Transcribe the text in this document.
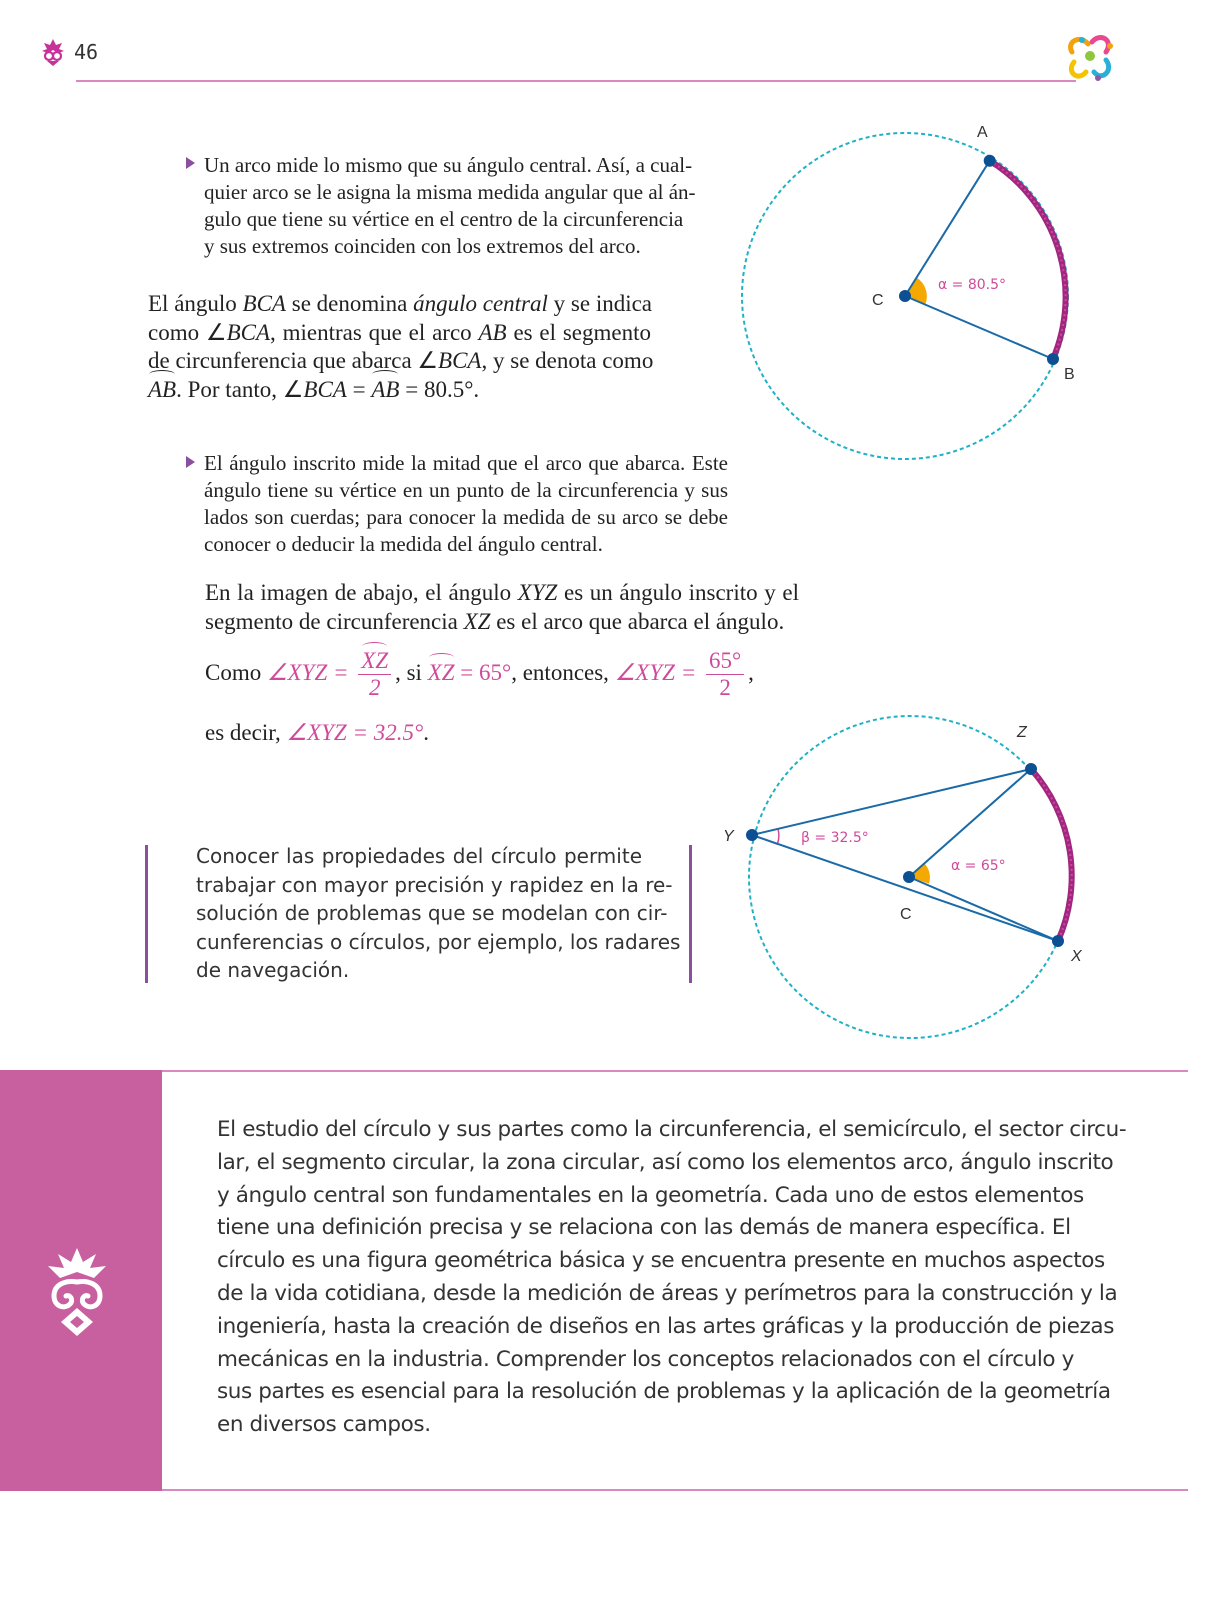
46
Un arco mide lo mismo que su ángulo central. Así, a cual-
quier arco se le asigna la misma medida angular que al án-
gulo que tiene su vértice en el centro de la circunferencia
y sus extremos coinciden con los extremos del arco.
El ángulo BCA se denomina ángulo central y se indica
como ∠BCA, mientras que el arco AB es el segmento
de circunferencia que abarca ∠BCA, y se denota como
AB. Por tanto, ∠BCA = AB = 80.5°.
A
B
C
α = 80.5°
El ángulo inscrito mide la mitad que el arco que abarca. Este
ángulo tiene su vértice en un punto de la circunferencia y sus
lados son cuerdas; para conocer la medida de su arco se debe
conocer o deducir la medida del ángulo central.
En la imagen de abajo, el ángulo XYZ es un ángulo inscrito y el
segmento de circunferencia XZ es el arco que abarca el ángulo.
Como ∠XYZ = $\frac{XZ}{2}$ , si XZ = 65°, entonces, ∠XYZ = $\frac{65^\circ}{2}$ ,
es decir, ∠XYZ = 32.5°.
Conocer las propiedades del círculo permite
trabajar con mayor precisión y rapidez en la re-
solución de problemas que se modelan con cir-
cunferencias o círculos, por ejemplo, los radares
de navegación.
Z
Y
X
C
α = 65°
β = 32.5°
El estudio del círculo y sus partes como la circunferencia, el semicírculo, el sector circu-
lar, el segmento circular, la zona circular, así como los elementos arco, ángulo inscrito
y ángulo central son fundamentales en la geometría. Cada uno de estos elementos
tiene una definición precisa y se relaciona con las demás de manera específica. El
círculo es una figura geométrica básica y se encuentra presente en muchos aspectos
de la vida cotidiana, desde la medición de áreas y perímetros para la construcción y la
ingeniería, hasta la creación de diseños en las artes gráficas y la producción de piezas
mecánicas en la industria. Comprender los conceptos relacionados con el círculo y
sus partes es esencial para la resolución de problemas y la aplicación de la geometría
en diversos campos.
